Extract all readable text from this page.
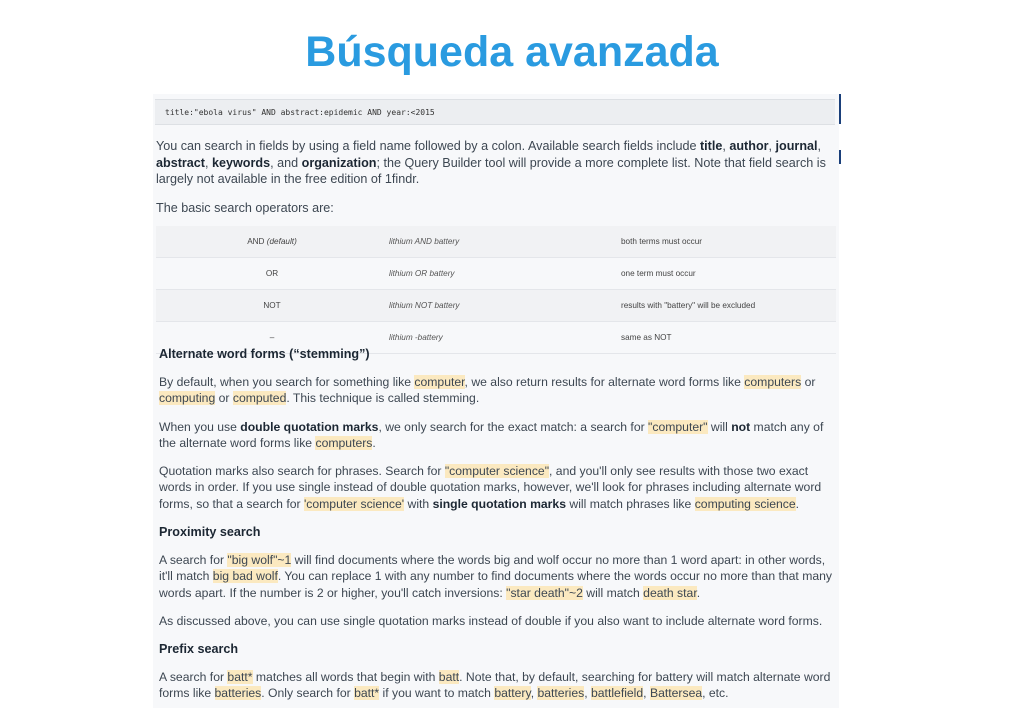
Búsqueda avanzada
title:"ebola virus" AND abstract:epidemic AND year:<2015

You can search in fields by using a field name followed by a colon. Available search fields include title, author, journal, abstract, keywords, and organization; the Query Builder tool will provide a more complete list. Note that field search is largely not available in the free edition of 1findr.

The basic search operators are:

AND (default)	lithium AND battery	both terms must occur
OR	lithium OR battery	one term must occur
NOT	lithium NOT battery	results with "battery" will be excluded
–	lithium -battery	same as NOT
Alternate word forms (“stemming”)

By default, when you search for something like computer, we also return results for alternate word forms like computers or computing or computed. This technique is called stemming.

When you use double quotation marks, we only search for the exact match: a search for "computer" will not match any of the alternate word forms like computers.

Quotation marks also search for phrases. Search for "computer science", and you'll only see results with those two exact words in order. If you use single instead of double quotation marks, however, we'll look for phrases including alternate word forms, so that a search for 'computer science' with single quotation marks will match phrases like computing science.

Proximity search

A search for "big wolf"~1 will find documents where the words big and wolf occur no more than 1 word apart: in other words, it'll match big bad wolf. You can replace 1 with any number to find documents where the words occur no more than that many words apart. If the number is 2 or higher, you'll catch inversions: "star death"~2 will match death star.

As discussed above, you can use single quotation marks instead of double if you also want to include alternate word forms.

Prefix search

A search for batt* matches all words that begin with batt. Note that, by default, searching for battery will match alternate word forms like batteries. Only search for batt* if you want to match battery, batteries, battlefield, Battersea, etc.
